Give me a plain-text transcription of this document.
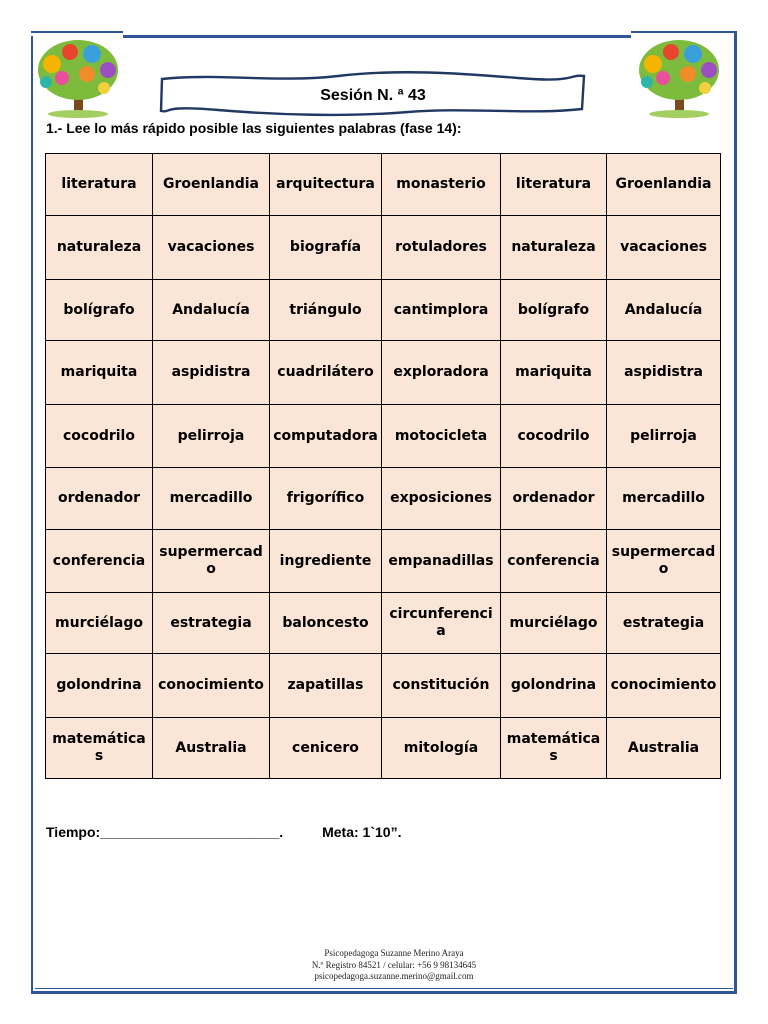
Sesión N. ª 43
1.- Lee lo más rápido posible las siguientes palabras (fase 14):
literatura	Groenlandia	arquitectura	monasterio	literatura	Groenlandia
naturaleza	vacaciones	biografía	rotuladores	naturaleza	vacaciones
bolígrafo	Andalucía	triángulo	cantimplora	bolígrafo	Andalucía
mariquita	aspidistra	cuadrilátero	exploradora	mariquita	aspidistra
cocodrilo	pelirroja	computadora	motocicleta	cocodrilo	pelirroja
ordenador	mercadillo	frigorífico	exposiciones	ordenador	mercadillo
conferencia	supermercado	ingrediente	empanadillas	conferencia	supermercado
murciélago	estrategia	baloncesto	circunferencia	murciélago	estrategia
golondrina	conocimiento	zapatillas	constitución	golondrina	conocimiento
matemáticas	Australia	cenicero	mitología	matemáticas	Australia
Tiempo:_______________________.	Meta: 1`10”.
Psicopedagoga Suzanne Merino Araya
N.º Registro 84521 / celular: +56 9 98134645
psicopedagoga.suzanne.merino@gmail.com
